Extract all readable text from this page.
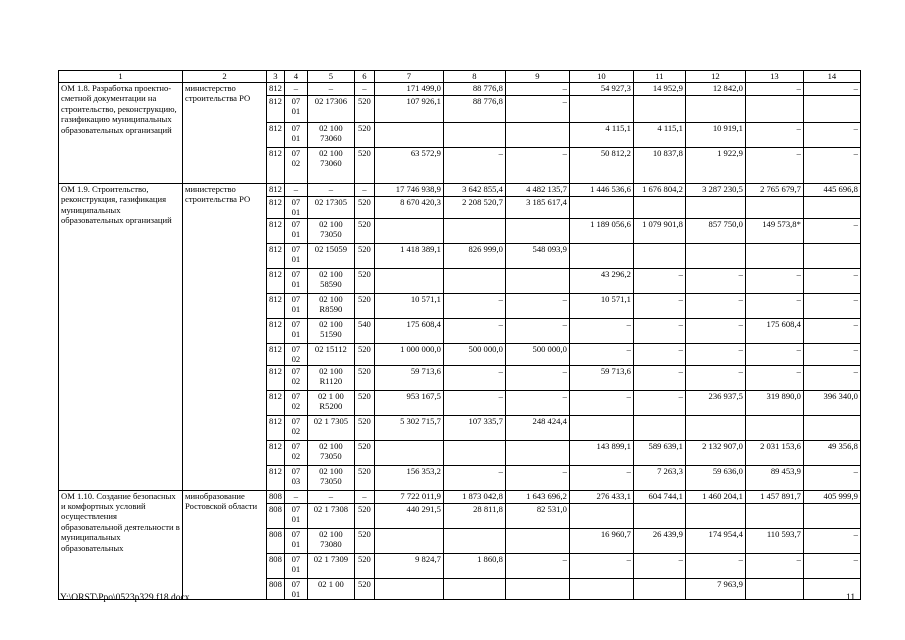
1	2	3	4	5	6	7	8	9	10	11	12	13	14
ОМ 1.8. Разработка проектно-сметной документации на строительство, реконструкцию, газификацию муниципальных образовательных организаций	министерство строительства РО	812	–	–	–	171 499,0	88 776,8	–	54 927,3	14 952,9	12 842,0	–	–
		812	07 01	02 17306	520	107 926,1	88 776,8	–					
		812	07 01	02 100 73060	520				4 115,1	4 115,1	10 919,1	–	–
		812	07 02	02 100 73060	520	63 572,9	–	–	50 812,2	10 837,8	1 922,9	–	–
ОМ 1.9. Строительство, реконструкция, газификация муниципальных образовательных организаций	министерство строительства РО	812	–	–	–	17 746 938,9	3 642 855,4	4 482 135,7	1 446 536,6	1 676 804,2	3 287 230,5	2 765 679,7	445 696,8
		812	07 01	02 17305	520	8 670 420,3	2 208 520,7	3 185 617,4					
		812	07 01	02 100 73050	520				1 189 056,6	1 079 901,8	857 750,0	149 573,8*	–
		812	07 01	02 15059	520	1 418 389,1	826 999,0	548 093,9					
		812	07 01	02 100 58590	520				43 296,2	–	–	–	–
		812	07 01	02 100 R8590	520	10 571,1	–	–	10 571,1	–	–	–	–
		812	07 01	02 100 51590	540	175 608,4	–	–	–	–	–	175 608,4	–
		812	07 02	02 15112	520	1 000 000,0	500 000,0	500 000,0	–	–	–	–	–
		812	07 02	02 100 R1120	520	59 713,6	–	–	59 713,6	–	–	–	–
		812	07 02	02 1 00 R5200	520	953 167,5	–	–	–	–	236 937,5	319 890,0	396 340,0
		812	07 02	02 1 7305	520	5 302 715,7	107 335,7	248 424,4					
		812	07 02	02 100 73050	520				143 899,1	589 639,1	2 132 907,0	2 031 153,6	49 356,8
		812	07 03	02 100 73050	520	156 353,2	–	–	–	7 263,3	59 636,0	89 453,9	–
ОМ 1.10. Создание безопасных и комфортных условий осуществления образовательной деятельности в муниципальных образовательных	минобразование Ростовской области	808	–	–	–	7 722 011,9	1 873 042,8	1 643 696,2	276 433,1	604 744,1	1 460 204,1	1 457 891,7	405 999,9
		808	07 01	02 1 7308	520	440 291,5	28 811,8	82 531,0					
		808	07 01	02 100 73080	520				16 960,7	26 439,9	174 954,4	110 593,7	–
		808	07 01	02 1 7309	520	9 824,7	1 860,8	–	–	–	–	–	–
		808	07 01	02 1 00	520						7 963,9		
Y:\ORST\Ppo\0523p329.f18.docx	11
